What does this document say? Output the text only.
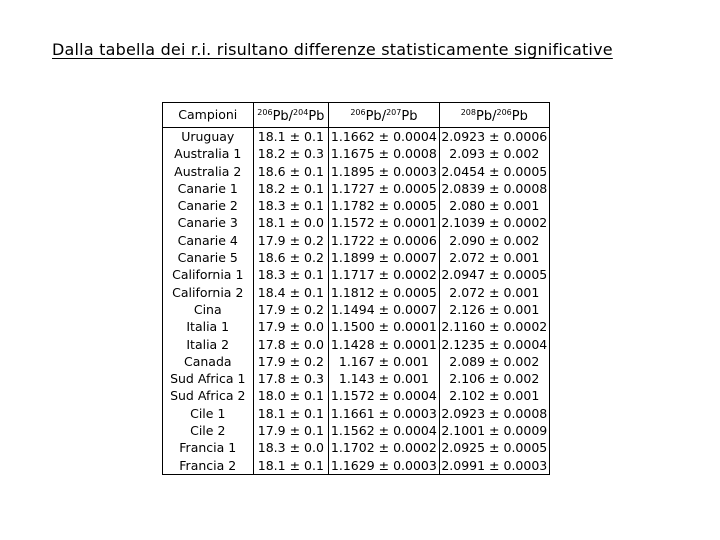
Dalla tabella dei r.i. risultano differenze statisticamente significative
Campioni	$^{206}$Pb/$^{204}$Pb	$^{206}$Pb/$^{207}$Pb	$^{208}$Pb/$^{206}$Pb
Uruguay	18.1 ± 0.1	1.1662 ± 0.0004	2.0923 ± 0.0006
Australia 1	18.2 ± 0.3	1.1675 ± 0.0008	2.093 ± 0.002
Australia 2	18.6 ± 0.1	1.1895 ± 0.0003	2.0454 ± 0.0005
Canarie 1	18.2 ± 0.1	1.1727 ± 0.0005	2.0839 ± 0.0008
Canarie 2	18.3 ± 0.1	1.1782 ± 0.0005	2.080 ± 0.001
Canarie 3	18.1 ± 0.0	1.1572 ± 0.0001	2.1039 ± 0.0002
Canarie 4	17.9 ± 0.2	1.1722 ± 0.0006	2.090 ± 0.002
Canarie 5	18.6 ± 0.2	1.1899 ± 0.0007	2.072 ± 0.001
California 1	18.3 ± 0.1	1.1717 ± 0.0002	2.0947 ± 0.0005
California 2	18.4 ± 0.1	1.1812 ± 0.0005	2.072 ± 0.001
Cina	17.9 ± 0.2	1.1494 ± 0.0007	2.126 ± 0.001
Italia 1	17.9 ± 0.0	1.1500 ± 0.0001	2.1160 ± 0.0002
Italia 2	17.8 ± 0.0	1.1428 ± 0.0001	2.1235 ± 0.0004
Canada	17.9 ± 0.2	1.167 ± 0.001	2.089 ± 0.002
Sud Africa 1	17.8 ± 0.3	1.143 ± 0.001	2.106 ± 0.002
Sud Africa 2	18.0 ± 0.1	1.1572 ± 0.0004	2.102 ± 0.001
Cile 1	18.1 ± 0.1	1.1661 ± 0.0003	2.0923 ± 0.0008
Cile 2	17.9 ± 0.1	1.1562 ± 0.0004	2.1001 ± 0.0009
Francia 1	18.3 ± 0.0	1.1702 ± 0.0002	2.0925 ± 0.0005
Francia 2	18.1 ± 0.1	1.1629 ± 0.0003	2.0991 ± 0.0003
